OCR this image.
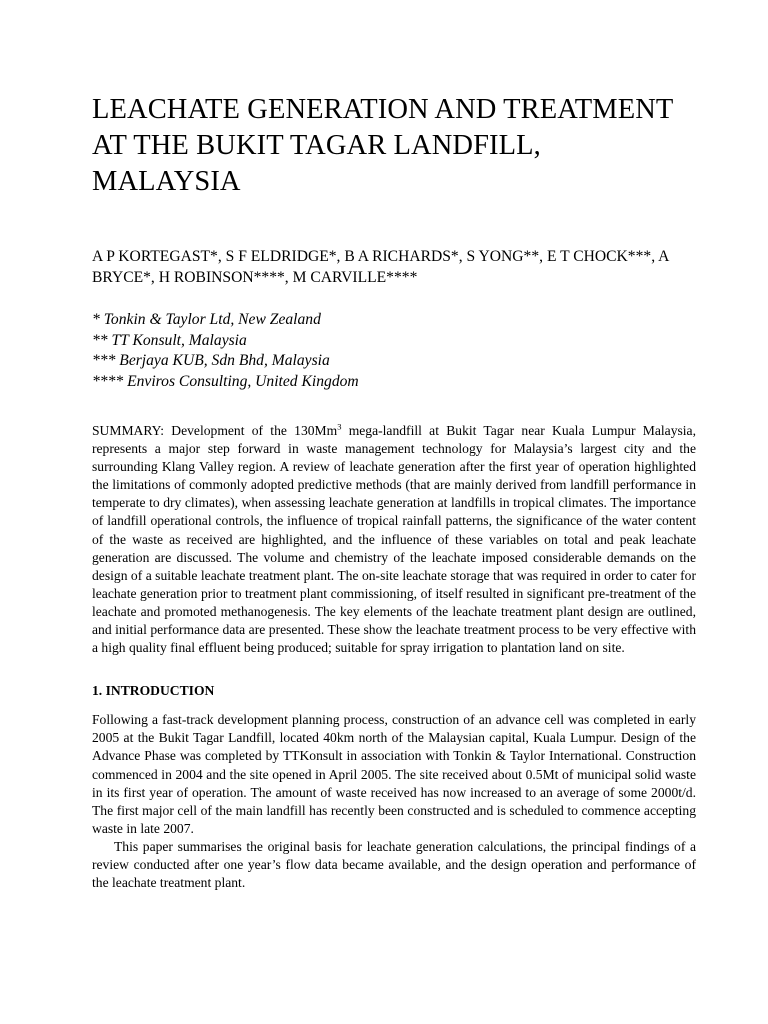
LEACHATE GENERATION AND TREATMENT AT THE BUKIT TAGAR LANDFILL, MALAYSIA

A P KORTEGAST*, S F ELDRIDGE*, B A RICHARDS*, S YONG**, E T CHOCK***, A BRYCE*, H ROBINSON****, M CARVILLE****

* Tonkin & Taylor Ltd, New Zealand
** TT Konsult, Malaysia
*** Berjaya KUB, Sdn Bhd, Malaysia
**** Enviros Consulting, United Kingdom

SUMMARY: Development of the 130Mm$^3$ mega-landfill at Bukit Tagar near Kuala Lumpur Malaysia, represents a major step forward in waste management technology for Malaysia’s largest city and the surrounding Klang Valley region. A review of leachate generation after the first year of operation highlighted the limitations of commonly adopted predictive methods (that are mainly derived from landfill performance in temperate to dry climates), when assessing leachate generation at landfills in tropical climates. The importance of landfill operational controls, the influence of tropical rainfall patterns, the significance of the water content of the waste as received are highlighted, and the influence of these variables on total and peak leachate generation are discussed. The volume and chemistry of the leachate imposed considerable demands on the design of a suitable leachate treatment plant. The on-site leachate storage that was required in order to cater for leachate generation prior to treatment plant commissioning, of itself resulted in significant pre-treatment of the leachate and promoted methanogenesis. The key elements of the leachate treatment plant design are outlined, and initial performance data are presented. These show the leachate treatment process to be very effective with a high quality final effluent being produced; suitable for spray irrigation to plantation land on site.

1. INTRODUCTION

Following a fast-track development planning process, construction of an advance cell was completed in early 2005 at the Bukit Tagar Landfill, located 40km north of the Malaysian capital, Kuala Lumpur. Design of the Advance Phase was completed by TTKonsult in association with Tonkin & Taylor International. Construction commenced in 2004 and the site opened in April 2005. The site received about 0.5Mt of municipal solid waste in its first year of operation. The amount of waste received has now increased to an average of some 2000t/d. The first major cell of the main landfill has recently been constructed and is scheduled to commence accepting waste in late 2007.

This paper summarises the original basis for leachate generation calculations, the principal findings of a review conducted after one year’s flow data became available, and the design operation and performance of the leachate treatment plant.
